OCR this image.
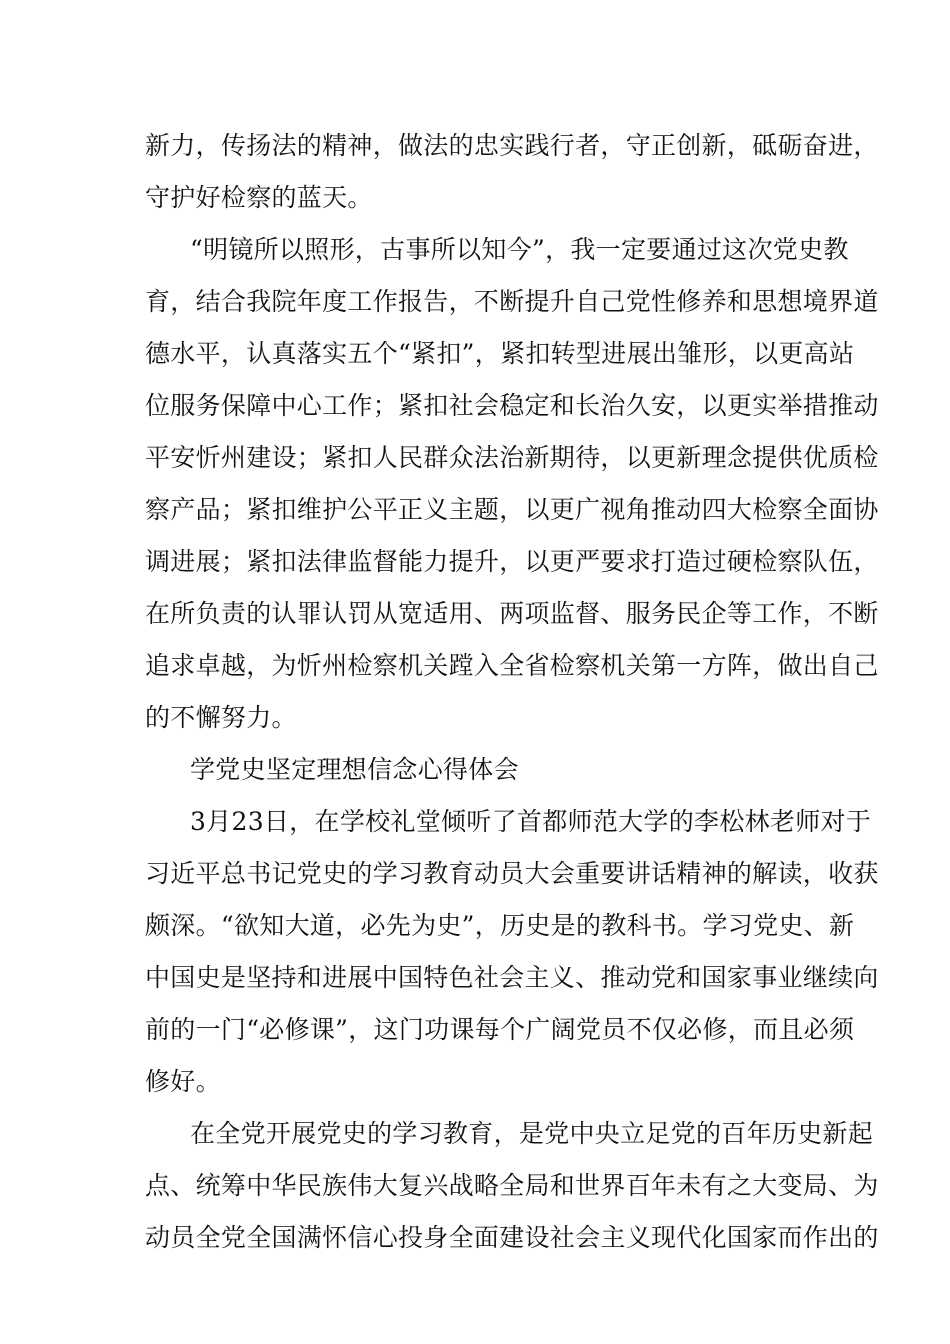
新力，传扬法的精神，做法的忠实践行者，守正创新，砥砺奋进，
守护好检察的蓝天。
“明镜所以照形，古事所以知今”，我一定要通过这次党史教
育，结合我院年度工作报告，不断提升自己党性修养和思想境界道
德水平，认真落实五个“紧扣”，紧扣转型进展出雏形，以更高站
位服务保障中心工作；紧扣社会稳定和长治久安，以更实举措推动
平安忻州建设；紧扣人民群众法治新期待，以更新理念提供优质检
察产品；紧扣维护公平正义主题，以更广视角推动四大检察全面协
调进展；紧扣法律监督能力提升，以更严要求打造过硬检察队伍，
在所负责的认罪认罚从宽适用、两项监督、服务民企等工作，不断
追求卓越，为忻州检察机关蹚入全省检察机关第一方阵，做出自己
的不懈努力。
学党史坚定理想信念心得体会
3月23日，在学校礼堂倾听了首都师范大学的李松林老师对于
习近平总书记党史的学习教育动员大会重要讲话精神的解读，收获
颇深。“欲知大道，必先为史”，历史是的教科书。学习党史、新
中国史是坚持和进展中国特色社会主义、推动党和国家事业继续向
前的一门“必修课”，这门功课每个广阔党员不仅必修，而且必须
修好。
在全党开展党史的学习教育，是党中央立足党的百年历史新起
点、统筹中华民族伟大复兴战略全局和世界百年未有之大变局、为
动员全党全国满怀信心投身全面建设社会主义现代化国家而作出的
